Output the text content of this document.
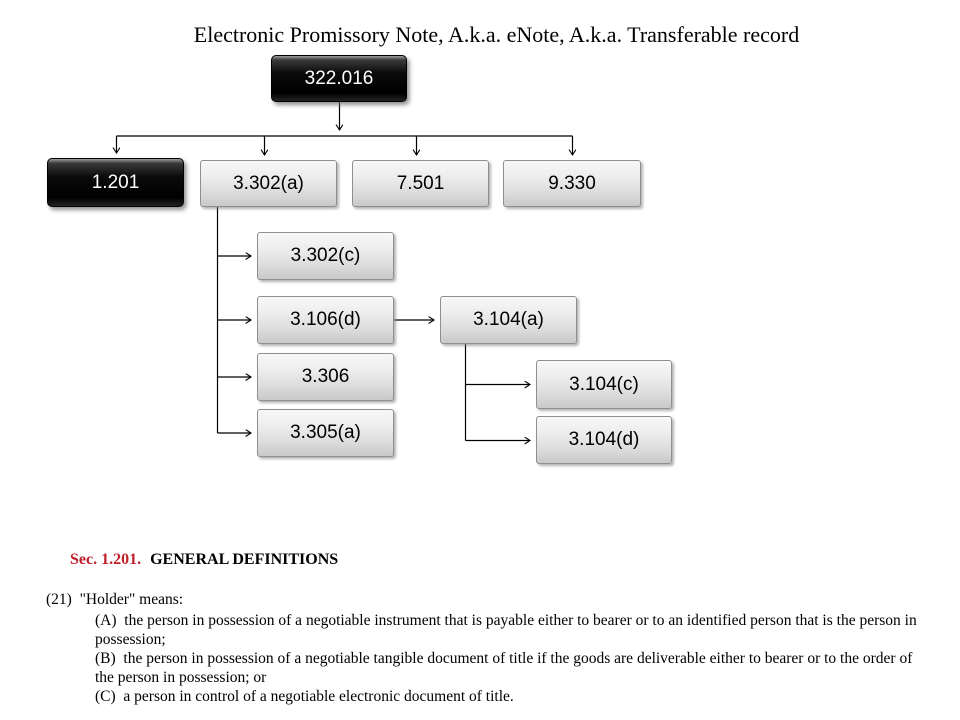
Electronic Promissory Note, A.k.a. eNote, A.k.a. Transferable record
322.016
1.201	3.302(a)	7.501	9.330
3.302(c)
3.106(d)
3.306
3.305(a)
3.104(a)
3.104(c)
3.104(d)

Sec. 1.201. GENERAL DEFINITIONS

(21)  "Holder" means:
(A)  the person in possession of a negotiable instrument that is payable either to bearer or to an identified person that is the person in
possession;
(B)  the person in possession of a negotiable tangible document of title if the goods are deliverable either to bearer or to the order of
the person in possession; or
(C)  a person in control of a negotiable electronic document of title.
